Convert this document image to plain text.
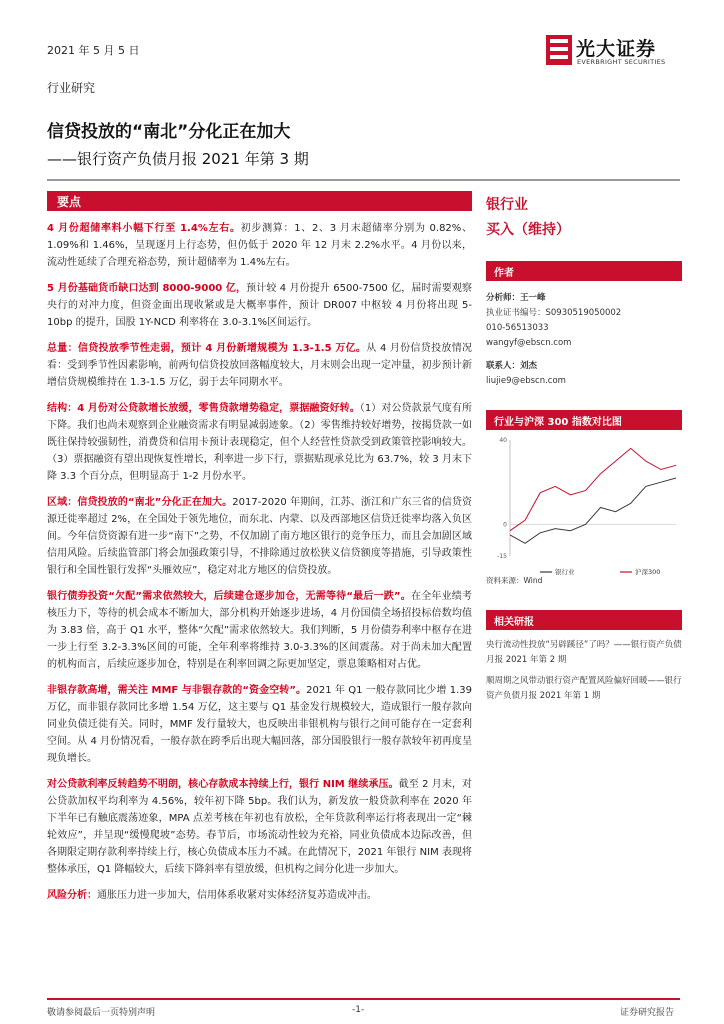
2021 年 5 月 5 日	光大证券
EVERBRIGHT SECURITIES
行业研究
信贷投放的“南北”分化正在加大
——银行资产负债月报 2021 年第 3 期
要点

4 月份超储率料小幅下行至 1.4%左右。初步测算：1、2、3 月末超储率分别为 0.82%、1.09%和 1.46%，呈现逐月上行态势，但仍低于 2020 年 12 月末 2.2%水平。4 月份以来，流动性延续了合理充裕态势，预计超储率为 1.4%左右。

5 月份基础货币缺口达到 8000-9000 亿，预计较 4 月份提升 6500-7500 亿，届时需要观察央行的对冲力度，但资金面出现收紧或是大概率事件，预计 DR007 中枢较 4 月份将出现 5-10bp 的提升，国股 1Y-NCD 利率将在 3.0-3.1%区间运行。

总量：信贷投放季节性走弱，预计 4 月份新增规模为 1.3-1.5 万亿。从 4 月份信贷投放情况看：受到季节性因素影响，前两旬信贷投放回落幅度较大，月末则会出现一定冲量，初步预计新增信贷规模维持在 1.3-1.5 万亿，弱于去年同期水平。

结构：4 月份对公贷款增长放缓，零售贷款增势稳定，票据融资好转。（1）对公贷款景气度有所下降。我们也尚未观察到企业融资需求有明显减弱迹象。（2）零售维持较好增势，按揭贷款一如既往保持较强韧性，消费贷和信用卡预计表现稳定，但个人经营性贷款受到政策管控影响较大。（3）票据融资有望出现恢复性增长，利率进一步下行，票据贴现承兑比为 63.7%，较 3 月末下降 3.3 个百分点，但明显高于 1-2 月份水平。

区域：信贷投放的“南北”分化正在加大。2017-2020 年期间，江苏、浙江和广东三省的信贷资源迁徙率超过 2%，在全国处于领先地位，而东北、内蒙、以及西部地区信贷迁徙率均落入负区间。今年信贷资源有进一步“南下”之势，不仅加剧了南方地区银行的竞争压力，而且会加剧区域信用风险。后续监管部门将会加强政策引导，不排除通过放松狭义信贷额度等措施，引导政策性银行和全国性银行发挥“头雁效应”，稳定对北方地区的信贷投放。

银行债券投资“欠配”需求依然较大，后续建仓逐步加仓，无需等待“最后一跌”。在全年业绩考核压力下，等待的机会成本不断加大，部分机构开始逐步进场，4 月份国债全场招投标倍数均值为 3.83 倍，高于 Q1 水平，整体“欠配”需求依然较大。我们判断，5 月份债券利率中枢存在进一步上行至 3.2-3.3%区间的可能，全年利率将维持 3.0-3.3%的区间震荡。对于尚未加大配置的机构而言，后续应逐步加仓，特别是在利率回调之际更加坚定，票息策略相对占优。

非银存款高增，需关注 MMF 与非银存款的“资金空转”。2021 年 Q1 一般存款同比少增 1.39 万亿，而非银存款同比多增 1.54 万亿，这主要与 Q1 基金发行规模较大，造成银行一般存款向同业负债迁徙有关。同时，MMF 发行量较大，也反映出非银机构与银行之间可能存在一定套利空间。从 4 月份情况看，一般存款在跨季后出现大幅回落，部分国股银行一般存款较年初再度呈现负增长。

对公贷款利率反转趋势不明朗，核心存款成本持续上行，银行 NIM 继续承压。截至 2 月末，对公贷款加权平均利率为 4.56%，较年初下降 5bp。我们认为，新发放一般贷款利率在 2020 年下半年已有触底震荡迹象，MPA 点差考核在年初也有放松，全年贷款利率运行将表现出一定“棘轮效应”，并呈现“缓慢爬坡”态势。春节后，市场流动性较为充裕，同业负债成本边际改善，但各期限定期存款利率持续上行，核心负债成本压力不减。在此情况下，2021 年银行 NIM 表现将整体承压，Q1 降幅较大，后续下降斜率有望放缓，但机构之间分化进一步加大。

风险分析：通胀压力进一步加大，信用体系收紧对实体经济复苏造成冲击。

银行业
买入（维持）
作者
分析师：王一峰
执业证书编号：S0930519050002
010-56513033
wangyf@ebscn.com
联系人：刘杰
liujie9@ebscn.com
行业与沪深 300 指数对比图
-15
0
40
银行业	沪深300
资料来源：Wind
相关研报
央行流动性投放“另辟蹊径”了吗？——银行资产负债月报 2021 年第 2 期
顺周期之风带动银行资产配置风险偏好回暖——银行资产负债月报 2021 年第 1 期
敬请参阅最后一页特别声明	-1-	证券研究报告
